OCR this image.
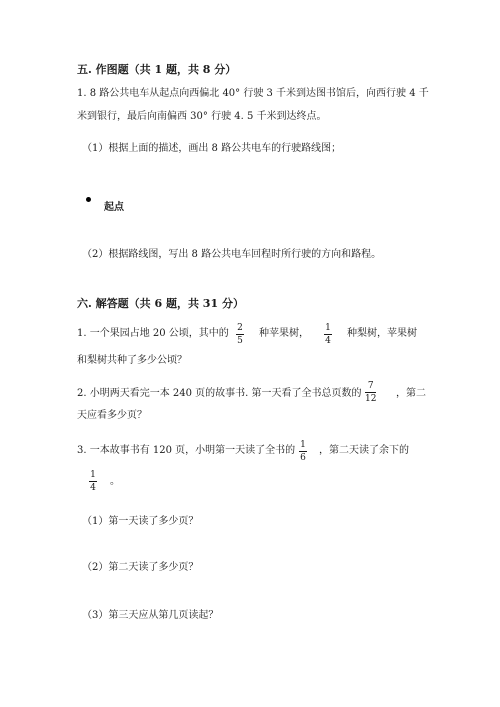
五. 作图题（共 1 题，共 8 分）
1. 8 路公共电车从起点向西偏北 40° 行驶 3 千米到达图书馆后，向西行驶 4 千
米到银行，最后向南偏西 30° 行驶 4. 5 千米到达终点。
（1）根据上面的描述，画出 8 路公共电车的行驶路线图；
起点
（2）根据路线图，写出 8 路公共电车回程时所行驶的方向和路程。
六. 解答题（共 6 题，共 31 分）
1. 一个果园占地 20 公顷，其中的 2
5
种苹果树， 1
4
种梨树，苹果树
和梨树共种了多少公顷？
2. 小明两天看完一本 240 页的故事书. 第一天看了全书总页数的
7
12 ，第二
天应看多少页？
3. 一本故事书有 120 页，小明第一天读了全书的 1
6
，第二天读了余下的
1
4
。
（1）第一天读了多少页？
（2）第二天读了多少页？
（3）第三天应从第几页读起？
